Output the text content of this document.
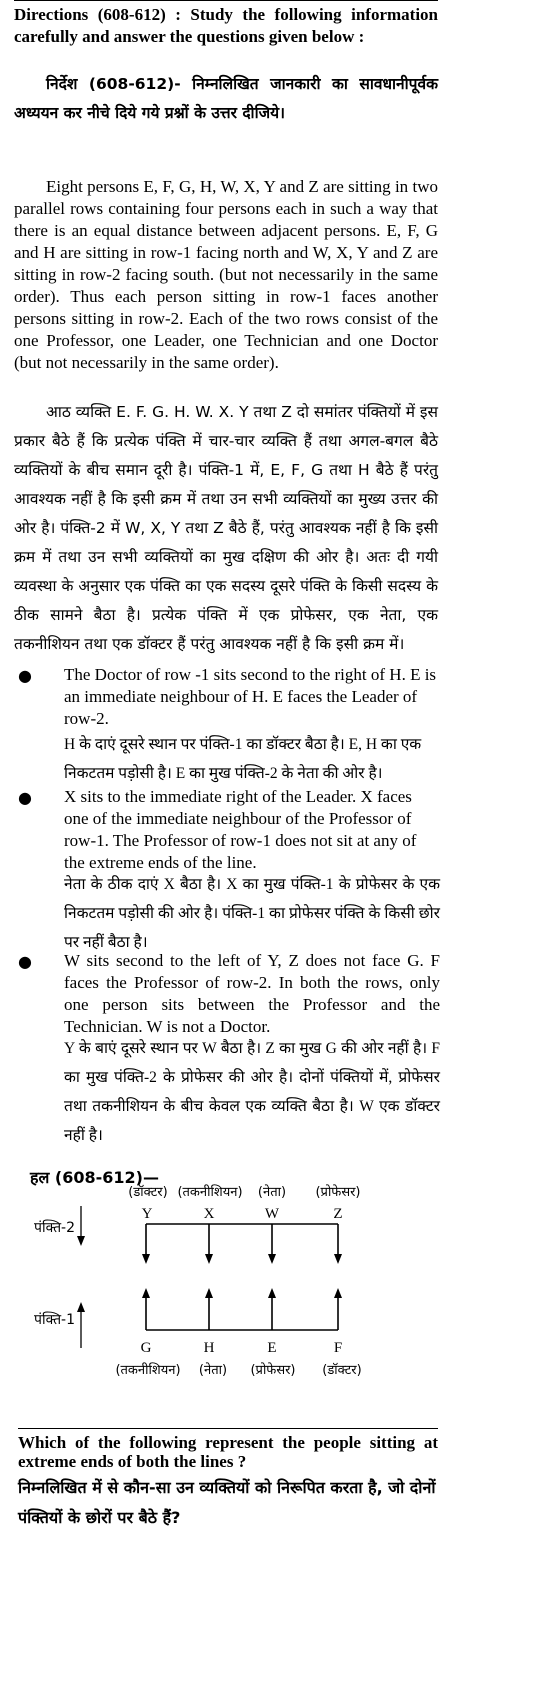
Directions (608-612) : Study the following information carefully and answer the questions given below :
निर्देश (608-612)- निम्नलिखित जानकारी का सावधानीपूर्वक अध्ययन कर नीचे दिये गये प्रश्नों के उत्तर दीजिये।
Eight persons E, F, G, H, W, X, Y and Z are sitting in two parallel rows containing four persons each in such a way that there is an equal distance between adjacent persons. E, F, G and H are sitting in row-1 facing north and W, X, Y and Z are sitting in row-2 facing south. (but not necessarily in the same order). Thus each person sitting in row-1 faces another persons sitting in row-2. Each of the two rows consist of the one Professor, one Leader, one Technician and one Doctor (but not necessarily in the same order).
आठ व्यक्ति E. F. G. H. W. X. Y तथा Z दो समांतर पंक्तियों में इस प्रकार बैठे हैं कि प्रत्येक पंक्ति में चार-चार व्यक्ति हैं तथा अगल-बगल बैठे व्यक्तियों के बीच समान दूरी है। पंक्ति-1 में, E, F, G तथा H बैठे हैं परंतु आवश्यक नहीं है कि इसी क्रम में तथा उन सभी व्यक्तियों का मुख्य उत्तर की ओर है। पंक्ति-2 में W, X, Y तथा Z बैठे हैं, परंतु आवश्यक नहीं है कि इसी क्रम में तथा उन सभी व्यक्तियों का मुख दक्षिण की ओर है। अतः दी गयी व्यवस्था के अनुसार एक पंक्ति का एक सदस्य दूसरे पंक्ति के किसी सदस्य के ठीक सामने बैठा है। प्रत्येक पंक्ति में एक प्रोफेसर, एक नेता, एक तकनीशियन तथा एक डॉक्टर हैं परंतु आवश्यक नहीं है कि इसी क्रम में।
● The Doctor of row -1 sits second to the right of H. E is an immediate neighbour of H. E faces the Leader of row-2.
H के दाएं दूसरे स्थान पर पंक्ति-1 का डॉक्टर बैठा है। E, H का एक निकटतम पड़ोसी है। E का मुख पंक्ति-2 के नेता की ओर है।
● X sits to the immediate right of the Leader. X faces one of the immediate neighbour of the Professor of row-1. The Professor of row-1 does not sit at any of the extreme ends of the line.
नेता के ठीक दाएं X बैठा है। X का मुख पंक्ति-1 के प्रोफेसर के एक निकटतम पड़ोसी की ओर है। पंक्ति-1 का प्रोफेसर पंक्ति के किसी छोर पर नहीं बैठा है।
● W sits second to the left of Y, Z does not face G. F faces the Professor of row-2. In both the rows, only one person sits between the Professor and the Technician. W is not a Doctor.
Y के बाएं दूसरे स्थान पर W बैठा है। Z का मुख G की ओर नहीं है। F का मुख पंक्ति-2 के प्रोफेसर की ओर है। दोनों पंक्तियों में, प्रोफेसर तथा तकनीशियन के बीच केवल एक व्यक्ति बैठा है। W एक डॉक्टर नहीं है।
हल (608-612)—
पंक्ति-2
(डॉक्टर) (तकनीशियन) (नेता) (प्रोफेसर)
Y	X	W	Z
पंक्ति-1
G	H	E	F
(तकनीशियन) (नेता) (प्रोफेसर) (डॉक्टर)
Which of the following represent the people sitting at extreme ends of both the lines ?
निम्नलिखित में से कौन-सा उन व्यक्तियों को निरूपित करता है, जो दोनों पंक्तियों के छोरों पर बैठे हैं?
